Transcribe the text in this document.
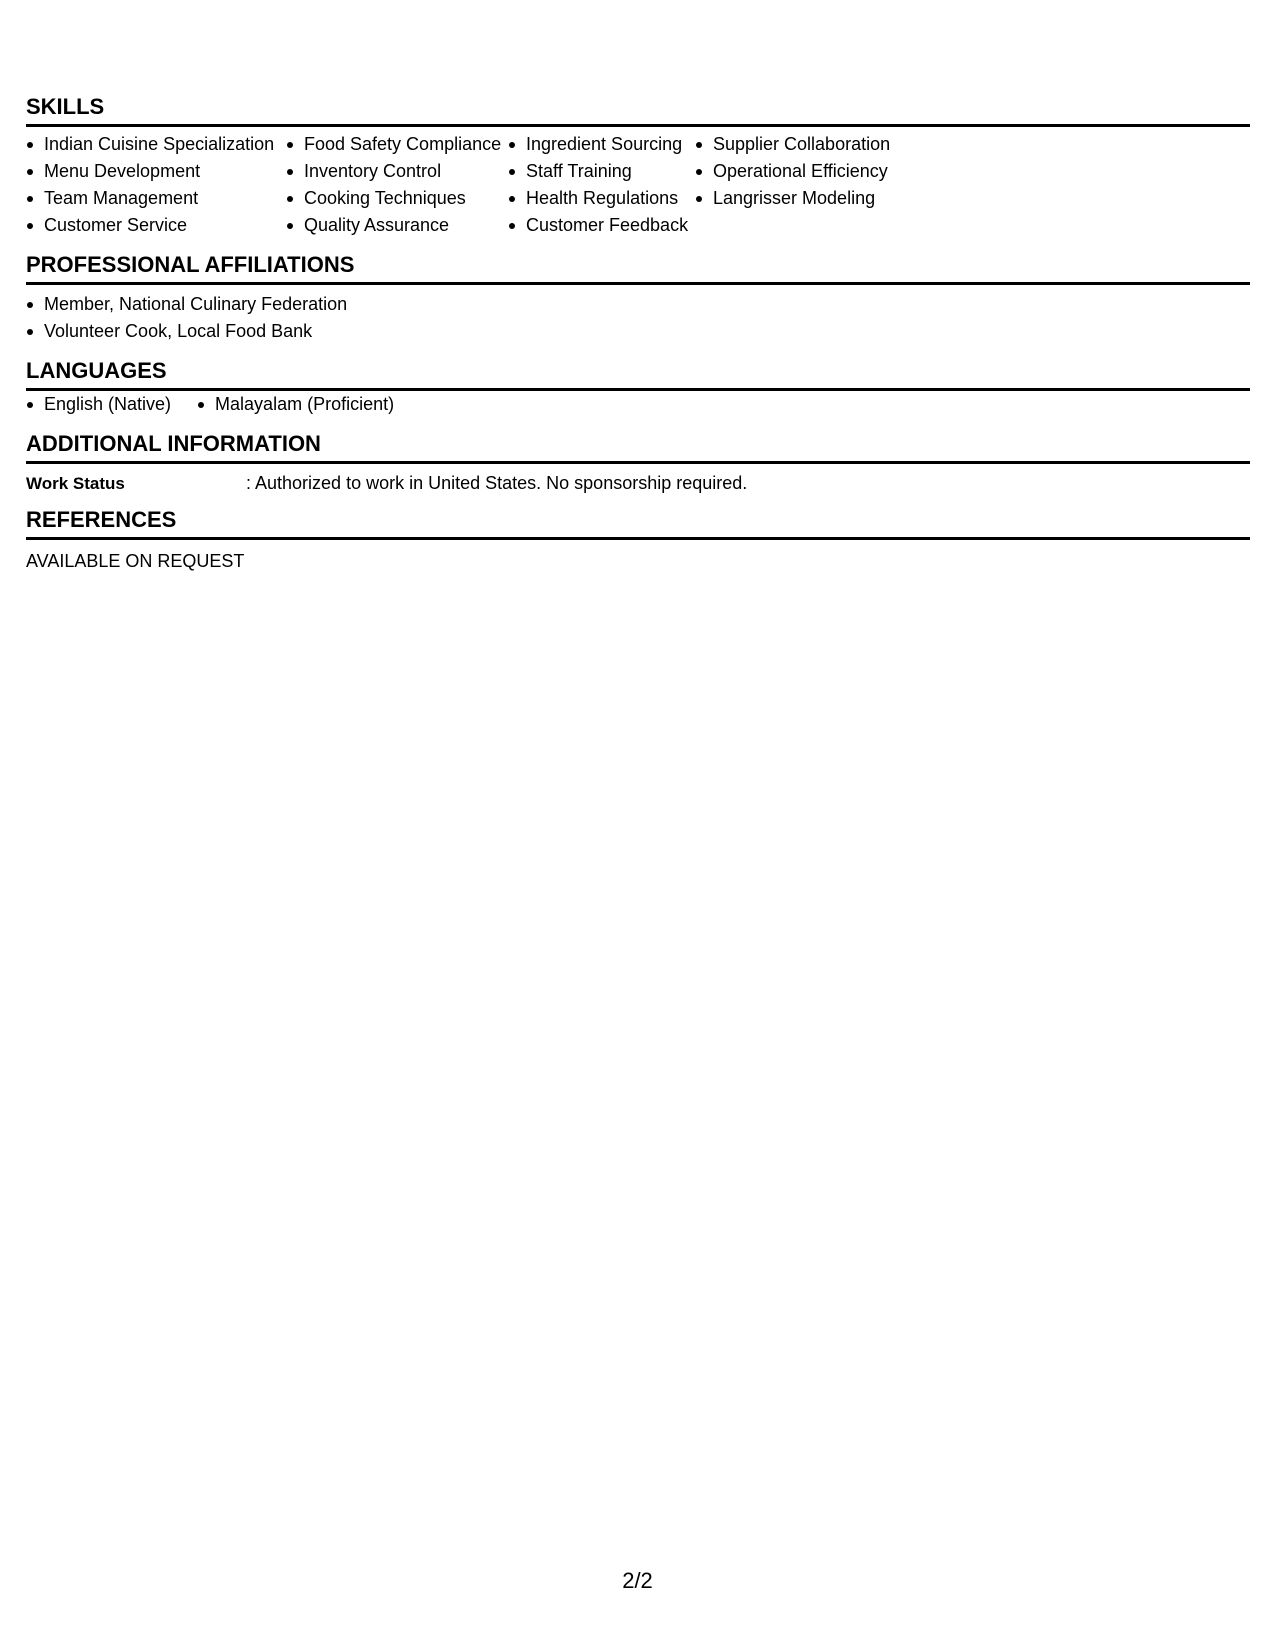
SKILLS
Indian Cuisine Specialization
Menu Development
Team Management
Customer Service
Food Safety Compliance
Inventory Control
Cooking Techniques
Quality Assurance
Ingredient Sourcing
Staff Training
Health Regulations
Customer Feedback
Supplier Collaboration
Operational Efficiency
Langrisser Modeling
PROFESSIONAL AFFILIATIONS
Member, National Culinary Federation
Volunteer Cook, Local Food Bank
LANGUAGES
English (Native)	Malayalam (Proficient)
ADDITIONAL INFORMATION
Work Status	: Authorized to work in United States. No sponsorship required.
REFERENCES
AVAILABLE ON REQUEST
2/2
